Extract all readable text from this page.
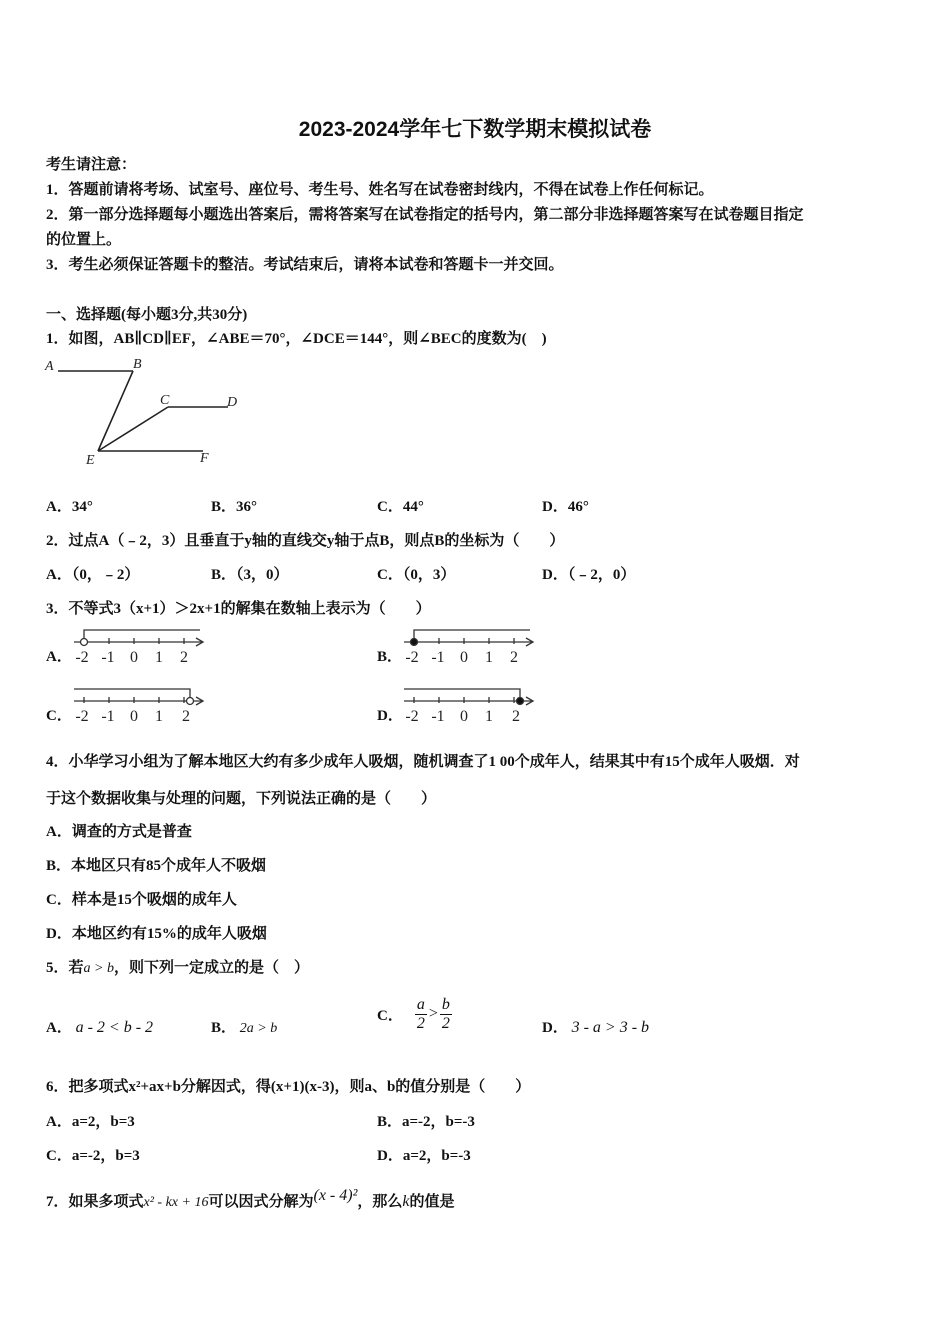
2023-2024学年七下数学期末模拟试卷
考生请注意：
1．答题前请将考场、试室号、座位号、考生号、姓名写在试卷密封线内，不得在试卷上作任何标记。
2．第一部分选择题每小题选出答案后，需将答案写在试卷指定的括号内，第二部分非选择题答案写在试卷题目指定
的位置上。
3．考生必须保证答题卡的整洁。考试结束后，请将本试卷和答题卡一并交回。
一、选择题(每小题3分,共30分)
1．如图，AB∥CD∥EF，∠ABE＝70°，∠DCE＝144°，则∠BEC的度数为(　)
A	B
C	D
E	F
A．34°	B．36°	C．44°	D．46°
2．过点A（﹣2，3）且垂直于y轴的直线交y轴于点B，则点B的坐标为（　　）
A．（0，﹣2）	B．（3，0）	C．（0，3）	D．（﹣2，0）
3．不等式3（x+1）＞2x+1的解集在数轴上表示为（　　）
A． -2 -1 0 1 2	B． -2 -1 0 1 2
C． -2 -1 0 1 2	D． -2 -1 0 1 2
4．小华学习小组为了解本地区大约有多少成年人吸烟，随机调查了1 00个成年人，结果其中有15个成年人吸烟．对
于这个数据收集与处理的问题，下列说法正确的是（　　）
A．调查的方式是普查
B．本地区只有85个成年人不吸烟
C．样本是15个吸烟的成年人
D．本地区约有15%的成年人吸烟
5．若a > b，则下列一定成立的是（　）
A． a - 2 < b - 2	B． 2a > b
C． $\frac{a}{2} > \frac{b}{2}$	D． 3 - a > 3 - b
6．把多项式x²+ax+b分解因式，得(x+1)(x-3)，则a、b的值分别是（　　）
A．a=2，b=3	B．a=-2，b=-3
C．a=-2，b=3	D．a=2，b=-3
7．如果多项式x² - kx + 16可以因式分解为(x - 4)²，那么k的值是
